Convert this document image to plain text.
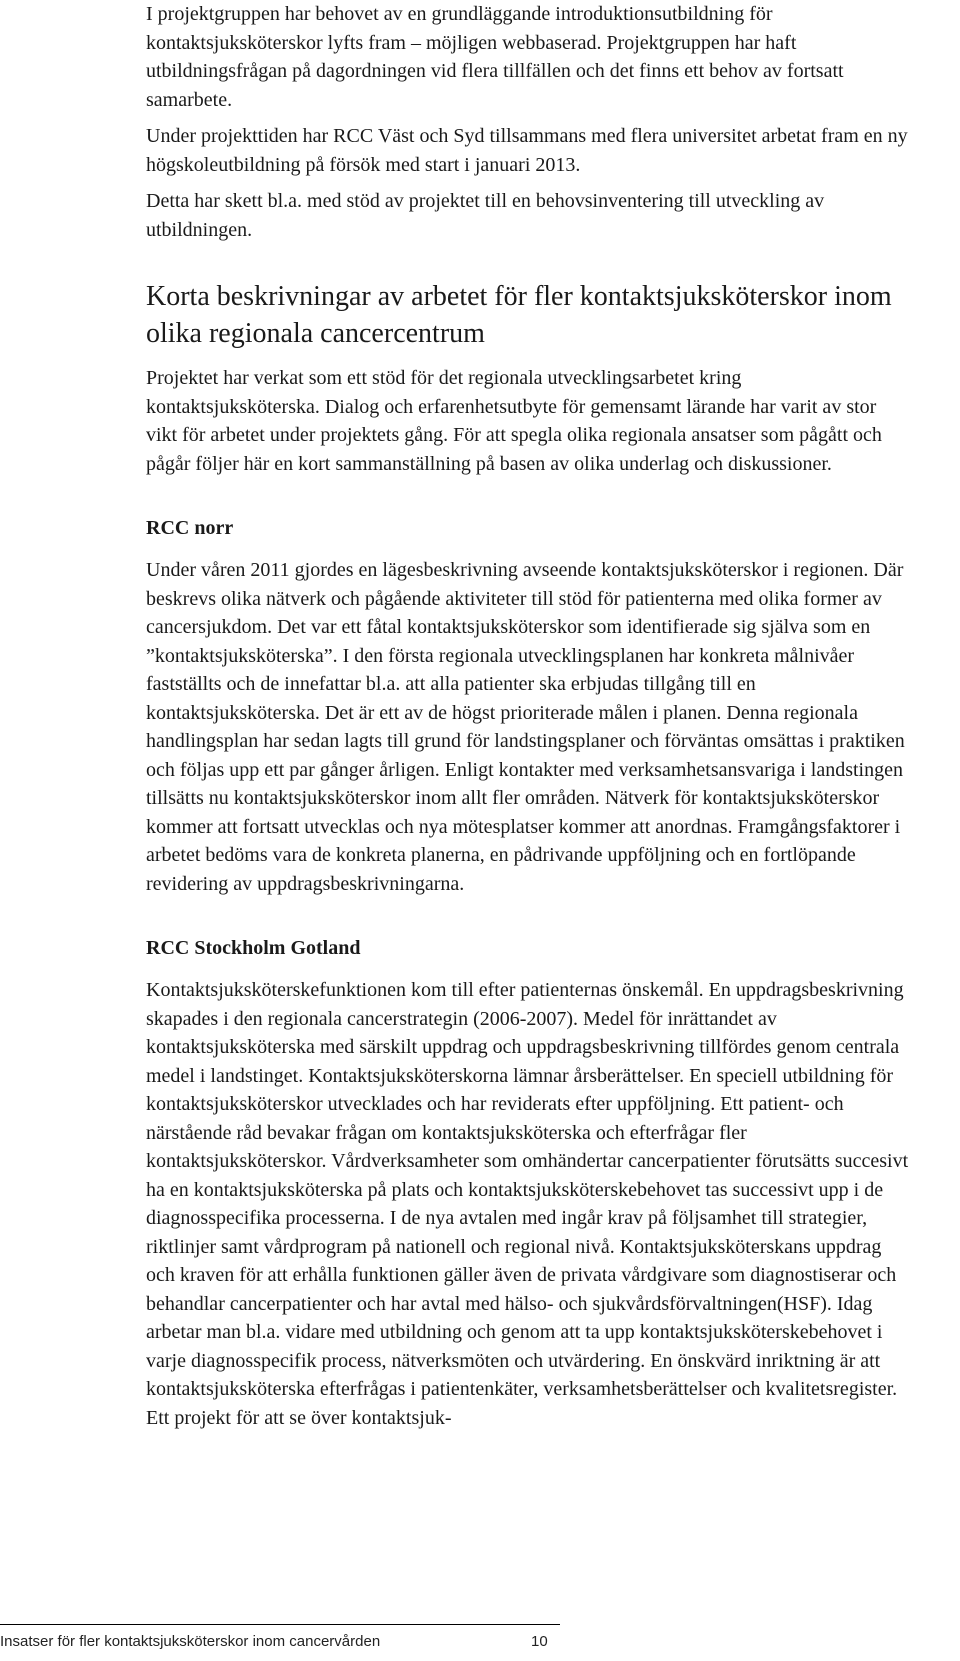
I projektgruppen har behovet av en grundläggande introduktionsutbildning för kontaktsjuksköterskor lyfts fram – möjligen webbaserad. Projektgruppen har haft utbildningsfrågan på dagordningen vid flera tillfällen och det finns ett behov av fortsatt samarbete.

Under projekttiden har RCC Väst och Syd tillsammans med flera universitet arbetat fram en ny högskoleutbildning på försök med start i januari 2013.

Detta har skett bl.a. med stöd av projektet till en behovsinventering till utveckling av utbildningen.

Korta beskrivningar av arbetet för fler kontaktsjuksköterskor inom olika regionala cancercentrum

Projektet har verkat som ett stöd för det regionala utvecklingsarbetet kring kontaktsjuksköterska. Dialog och erfarenhetsutbyte för gemensamt lärande har varit av stor vikt för arbetet under projektets gång. För att spegla olika regionala ansatser som pågått och pågår följer här en kort sammanställning på basen av olika underlag och diskussioner.

RCC norr

Under våren 2011 gjordes en lägesbeskrivning avseende kontaktsjuksköterskor i regionen. Där beskrevs olika nätverk och pågående aktiviteter till stöd för patienterna med olika former av cancersjukdom. Det var ett fåtal kontaktsjuksköterskor som identifierade sig själva som en ”kontaktsjuksköterska”. I den första regionala utvecklingsplanen har konkreta målnivåer fastställts och de innefattar bl.a. att alla patienter ska erbjudas tillgång till en kontaktsjuksköterska. Det är ett av de högst prioriterade målen i planen. Denna regionala handlingsplan har sedan lagts till grund för landstingsplaner och förväntas omsättas i praktiken och följas upp ett par gånger årligen. Enligt kontakter med verksamhetsansvariga i landstingen tillsätts nu kontaktsjuksköterskor inom allt fler områden. Nätverk för kontaktsjuksköterskor kommer att fortsatt utvecklas och nya mötesplatser kommer att anordnas. Framgångsfaktorer i arbetet bedöms vara de konkreta planerna, en pådrivande uppföljning och en fortlöpande revidering av uppdragsbeskrivningarna.

RCC Stockholm Gotland

Kontaktsjuksköterskefunktionen kom till efter patienternas önskemål. En uppdragsbeskrivning skapades i den regionala cancerstrategin (2006-2007). Medel för inrättandet av kontaktsjuksköterska med särskilt uppdrag och uppdragsbeskrivning tillfördes genom centrala medel i landstinget. Kontaktsjuksköterskorna lämnar årsberättelser. En speciell utbildning för kontaktsjuksköterskor utvecklades och har reviderats efter uppföljning. Ett patient- och närstående råd bevakar frågan om kontaktsjuksköterska och efterfrågar fler kontaktsjuksköterskor. Vårdverksamheter som omhändertar cancerpatienter förutsätts succesivt ha en kontaktsjuksköterska på plats och kontaktsjuksköterskebehovet tas successivt upp i de diagnosspecifika processerna. I de nya avtalen med ingår krav på följsamhet till strategier, riktlinjer samt vårdprogram på nationell och regional nivå. Kontaktsjuksköterskans uppdrag och kraven för att erhålla funktionen gäller även de privata vårdgivare som diagnostiserar och behandlar cancerpatienter och har avtal med hälso- och sjukvårdsförvaltningen(HSF). Idag arbetar man bl.a. vidare med utbildning och genom att ta upp kontaktsjuksköterskebehovet i varje diagnosspecifik process, nätverksmöten och utvärdering. En önskvärd inriktning är att kontaktsjuksköterska efterfrågas i patientenkäter, verksamhetsberättelser och kvalitetsregister. Ett projekt för att se över kontaktsjuk-

Insatser för fler kontaktsjuksköterskor inom cancervården	10
